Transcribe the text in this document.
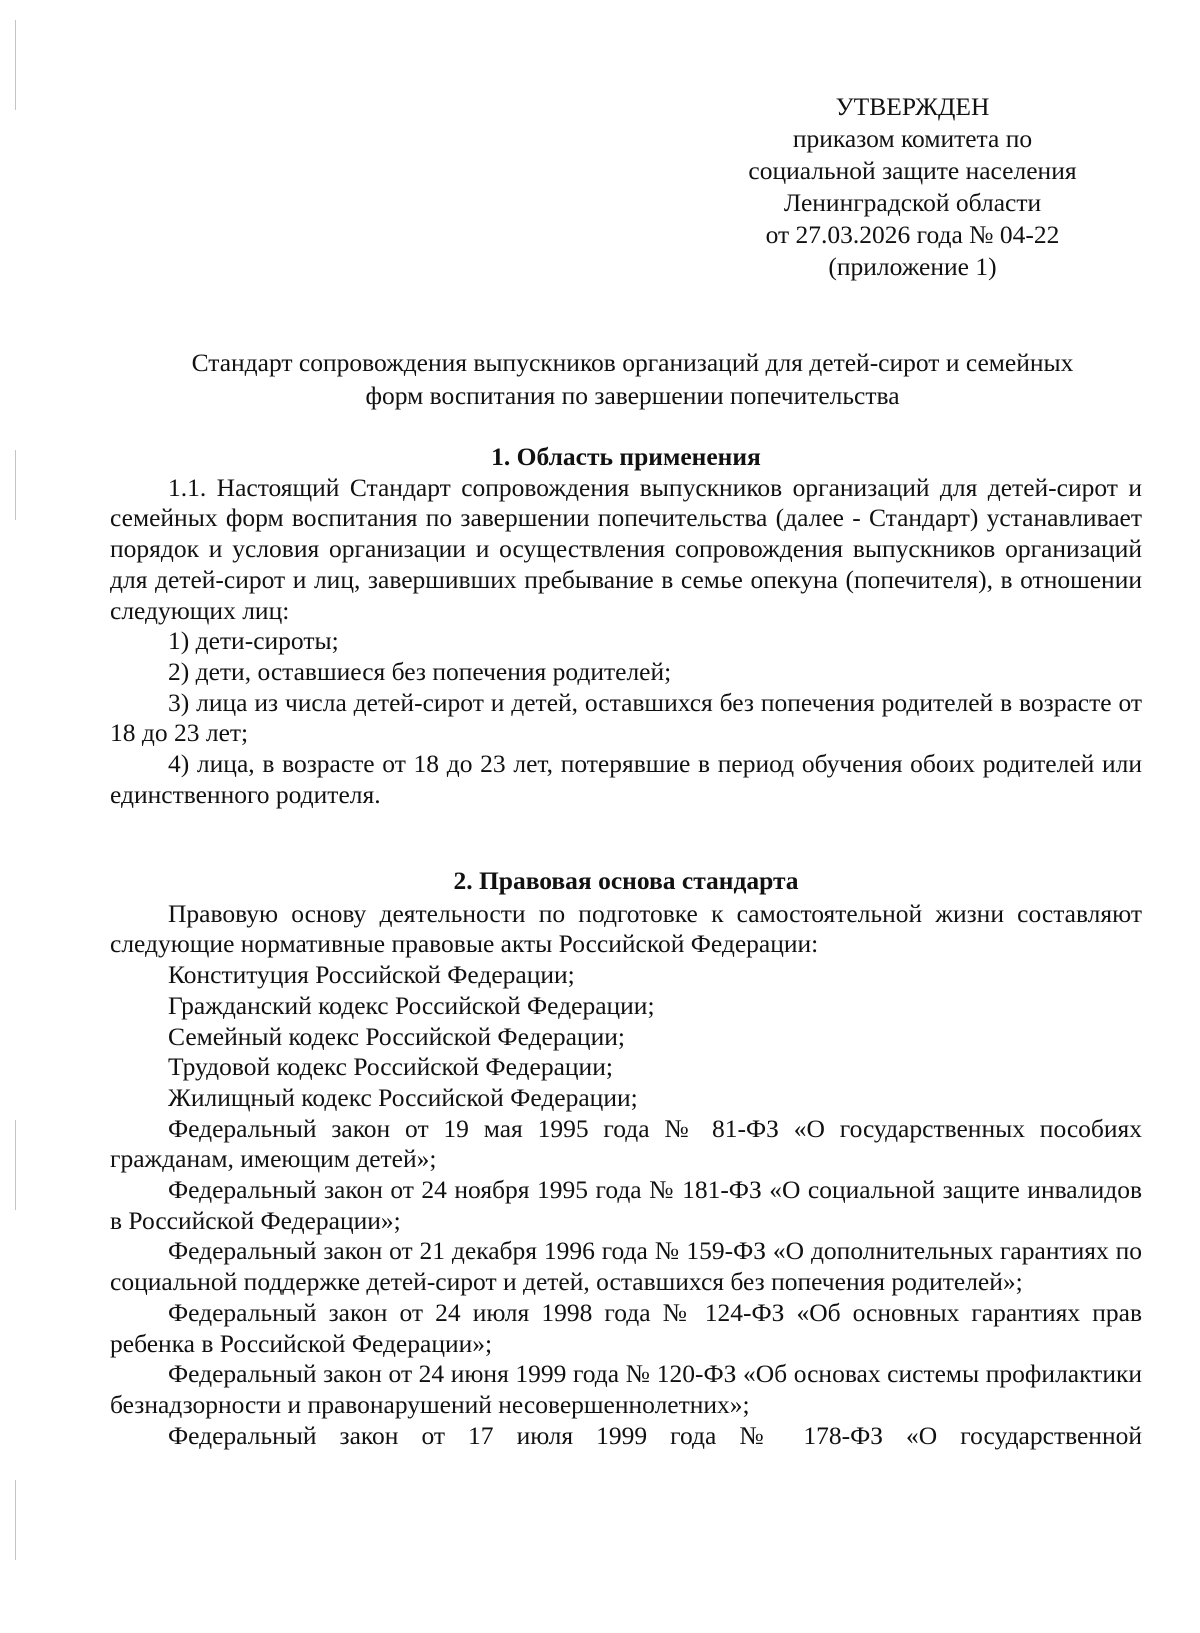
УТВЕРЖДЕН
приказом комитета по
социальной защите населения
Ленинградской области
от 27.03.2026 года № 04-22
(приложение 1)
Стандарт сопровождения выпускников организаций для детей-сирот и семейных
форм воспитания по завершении попечительства
1. Область применения

1.1. Настоящий Стандарт сопровождения выпускников организаций для детей-сирот и семейных форм воспитания по завершении попечительства (далее - Стандарт) устанавливает порядок и условия организации и осуществления сопровождения выпускников организаций для детей-сирот и лиц, завершивших пребывание в семье опекуна (попечителя), в отношении следующих лиц:

1) дети-сироты;
2) дети, оставшиеся без попечения родителей;

3) лица из числа детей-сирот и детей, оставшихся без попечения родителей в возрасте от 18 до 23 лет;

4) лица, в возрасте от 18 до 23 лет, потерявшие в период обучения обоих родителей или единственного родителя.

2. Правовая основа стандарта

Правовую основу деятельности по подготовке к самостоятельной жизни составляют следующие нормативные правовые акты Российской Федерации:

Конституция Российской Федерации;
Гражданский кодекс Российской Федерации;
Семейный кодекс Российской Федерации;
Трудовой кодекс Российской Федерации;
Жилищный кодекс Российской Федерации;

Федеральный закон от 19 мая 1995 года № 81-ФЗ «О государственных пособиях гражданам, имеющим детей»;

Федеральный закон от 24 ноября 1995 года № 181-ФЗ «О социальной защите инвалидов в Российской Федерации»;

Федеральный закон от 21 декабря 1996 года № 159-ФЗ «О дополнительных гарантиях по социальной поддержке детей-сирот и детей, оставшихся без попечения родителей»;

Федеральный закон от 24 июля 1998 года № 124-ФЗ «Об основных гарантиях прав ребенка в Российской Федерации»;

Федеральный закон от 24 июня 1999 года № 120-ФЗ «Об основах системы профилактики безнадзорности и правонарушений несовершеннолетних»;

Федеральный закон от 17 июля 1999 года № 178-ФЗ «О государственной
